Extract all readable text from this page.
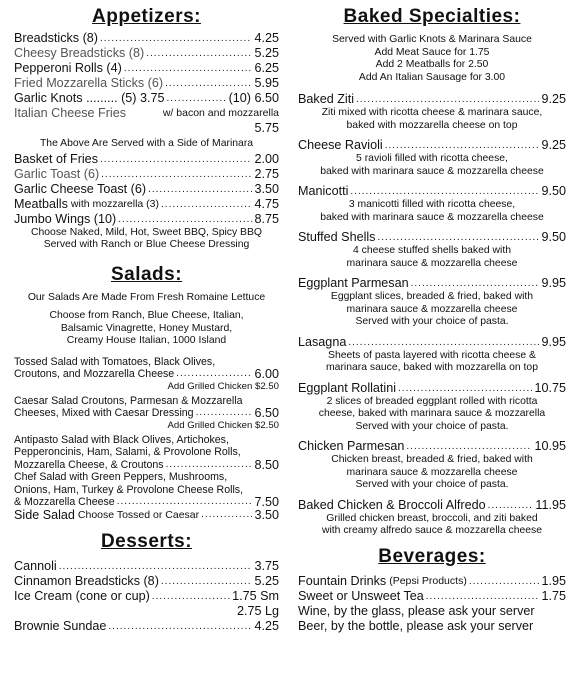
Appetizers:
Breadsticks (8) .....	4.25
Cheesy Breadsticks (8) .....	5.25
Pepperoni Rolls (4) .....	6.25
Fried Mozzarella Sticks (6) .....	5.95
Garlic Knots ......... (5) 3.75 .....	(10) 6.50
Italian Cheese Fries	w/ bacon and mozzarella
5.75
The Above Are Served with a Side of Marinara
Basket of Fries .....	2.00
Garlic Toast (6) .....	2.75
Garlic Cheese Toast (6) .....	3.50
Meatballs with mozzarella (3) .....	4.75
Jumbo Wings (10) .....	8.75
Choose Naked, Mild, Hot, Sweet BBQ, Spicy BBQ
Served with Ranch or Blue Cheese Dressing
Salads:
Our Salads Are Made From Fresh Romaine Lettuce
Choose from Ranch, Blue Cheese, Italian,
Balsamic Vinagrette, Honey Mustard,
Creamy House Italian, 1000 Island
Tossed Salad with Tomatoes, Black Olives,
Croutons, and Mozzarella Cheese .....	6.00
Add Grilled Chicken $2.50
Caesar Salad Croutons, Parmesan & Mozzarella
Cheeses, Mixed with Caesar Dressing .....	6.50
Add Grilled Chicken $2.50
Antipasto Salad with Black Olives, Artichokes,
Pepperoncinis, Ham, Salami, & Provolone Rolls,
Mozzarella Cheese, & Croutons .....	8.50
Chef Salad with Green Peppers, Mushrooms,
Onions, Ham, Turkey & Provolone Cheese Rolls,
& Mozzarella Cheese .....	7.50
Side Salad Choose Tossed or Caesar .....	3.50
Desserts:
Cannoli .....	3.75
Cinnamon Breadsticks (8) .....	5.25
Ice Cream (cone or cup) .....	1.75 Sm
2.75 Lg
Brownie Sundae .....	4.25
Baked Specialties:
Served with Garlic Knots & Marinara Sauce
Add Meat Sauce for 1.75
Add 2 Meatballs for 2.50
Add An Italian Sausage for 3.00
Baked Ziti .....	9.25
Ziti mixed with ricotta cheese & marinara sauce,
baked with mozzarella cheese on top
Cheese Ravioli .....	9.25
5 ravioli filled with ricotta cheese,
baked with marinara sauce & mozzarella cheese
Manicotti .....	9.50
3 manicotti filled with ricotta cheese,
baked with marinara sauce & mozzarella cheese
Stuffed Shells .....	9.50
4 cheese stuffed shells baked with
marinara sauce & mozzarella cheese
Eggplant Parmesan .....	9.95
Eggplant slices, breaded & fried, baked with
marinara sauce & mozzarella cheese
Served with your choice of pasta.
Lasagna .....	9.95
Sheets of pasta layered with ricotta cheese &
marinara sauce, baked with mozzarella on top
Eggplant Rollatini .....	10.75
2 slices of breaded eggplant rolled with ricotta
cheese, baked with marinara sauce & mozzarella
Served with your choice of pasta.
Chicken Parmesan .....	10.95
Chicken breast, breaded & fried, baked with
marinara sauce & mozzarella cheese
Served with your choice of pasta.
Baked Chicken & Broccoli Alfredo .....	11.95
Grilled chicken breast, broccoli, and ziti baked
with creamy alfredo sauce & mozzarella cheese
Beverages:
Fountain Drinks (Pepsi Products) .....	1.95
Sweet or Unsweet Tea .....	1.75
Wine, by the glass, please ask your server
Beer, by the bottle, please ask your server
